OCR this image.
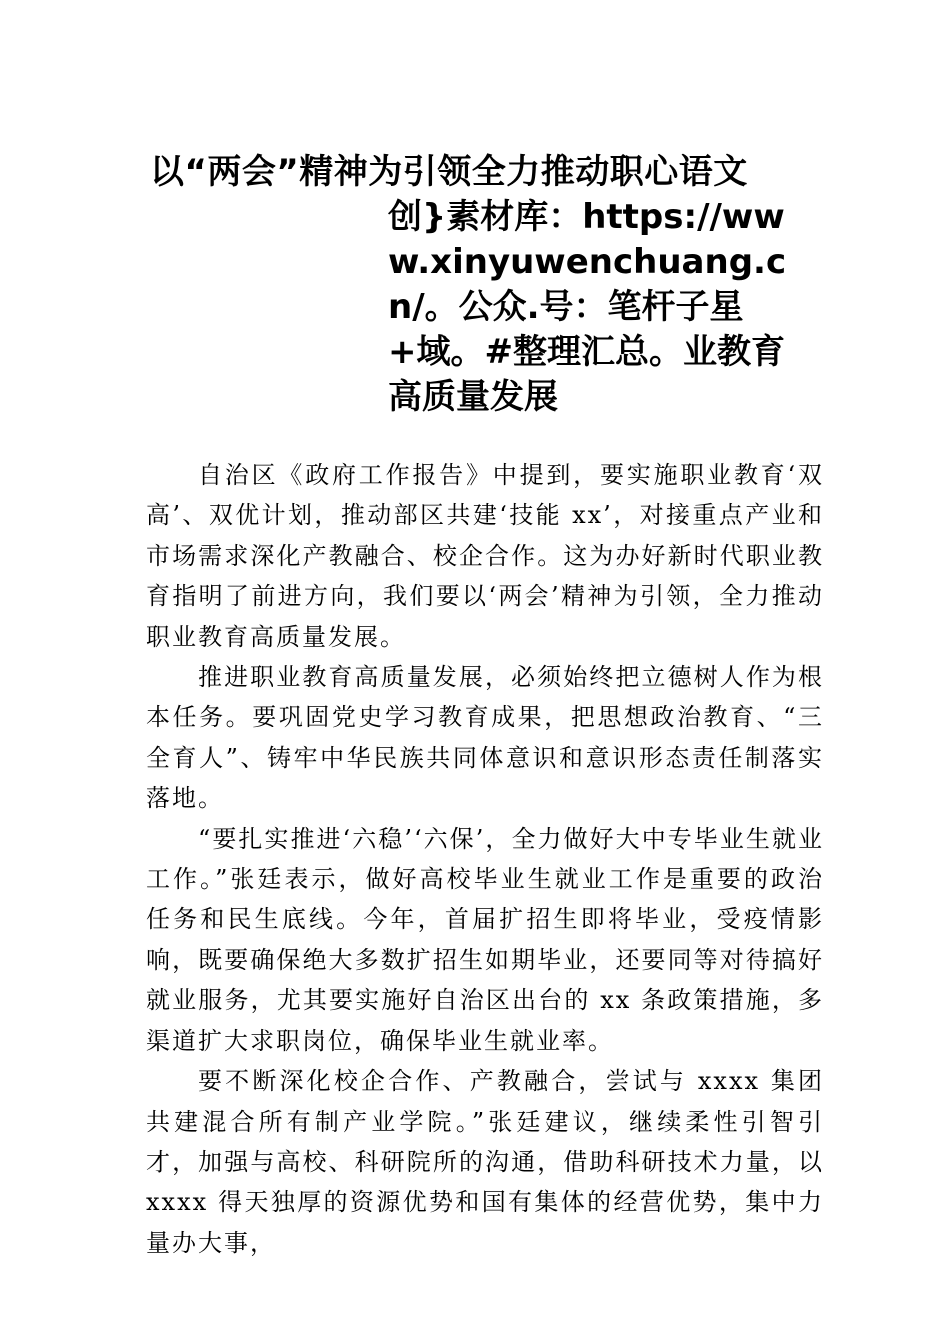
以“两会”精神为引领全力推动职心语文
创}素材库：https://www.xinyuwenchuang.cn/。公众.号：笔杆子星+域。#整理汇总。业教育高质量发展

自治区《政府工作报告》中提到，要实施职业教育‘双高’、双优计划，推动部区共建‘技能 xx’，对接重点产业和市场需求深化产教融合、校企合作。这为办好新时代职业教育指明了前进方向，我们要以‘两会’精神为引领，全力推动职业教育高质量发展。

推进职业教育高质量发展，必须始终把立德树人作为根本任务。要巩固党史学习教育成果，把思想政治教育、“三全育人”、铸牢中华民族共同体意识和意识形态责任制落实落地。

“要扎实推进‘六稳’‘六保’，全力做好大中专毕业生就业工作。”张廷表示，做好高校毕业生就业工作是重要的政治任务和民生底线。今年，首届扩招生即将毕业，受疫情影响，既要确保绝大多数扩招生如期毕业，还要同等对待搞好就业服务，尤其要实施好自治区出台的 xx 条政策措施，多渠道扩大求职岗位，确保毕业生就业率。

要不断深化校企合作、产教融合，尝试与 xxxx 集团共建混合所有制产业学院。”张廷建议，继续柔性引智引才，加强与高校、科研院所的沟通，借助科研技术力量，以 xxxx 得天独厚的资源优势和国有集体的经营优势，集中力量办大事，
